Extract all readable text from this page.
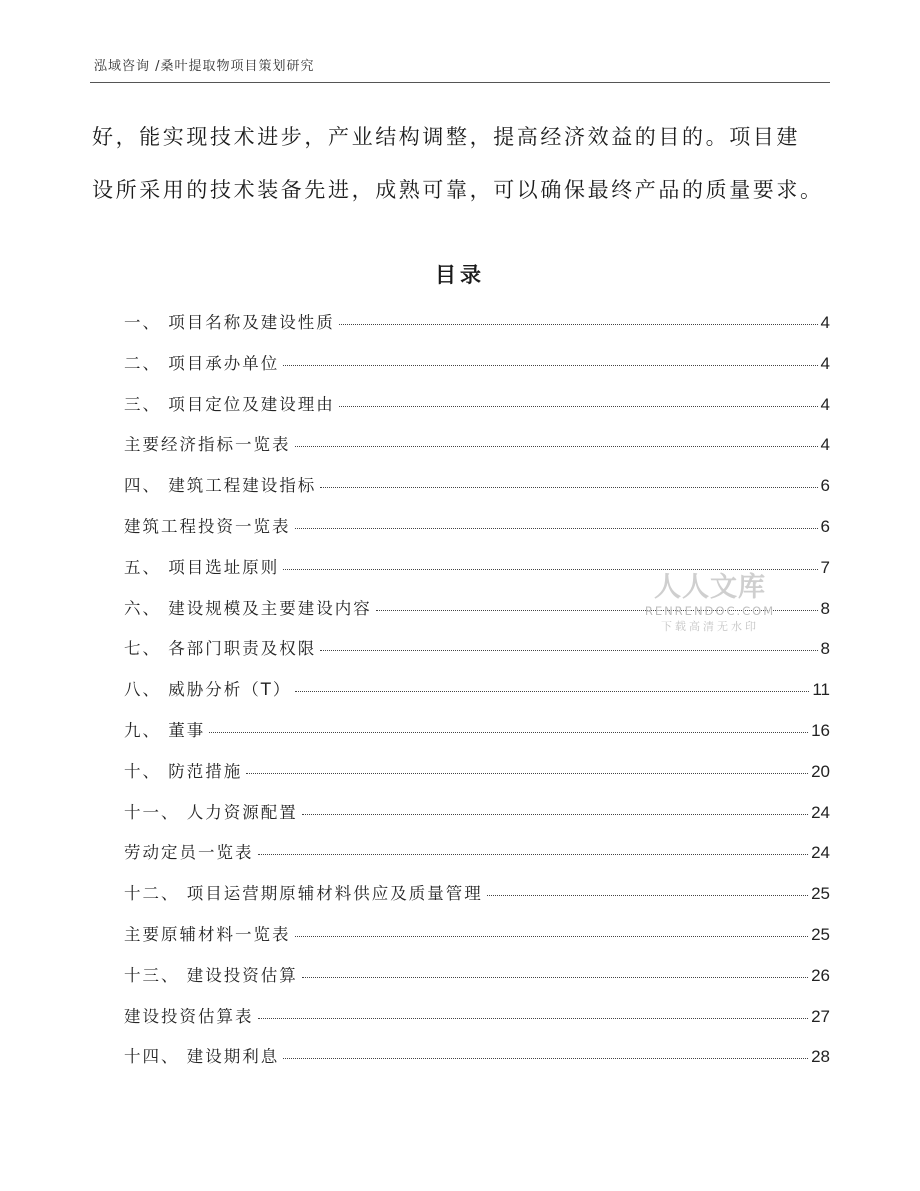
泓域咨询 /桑叶提取物项目策划研究
好，能实现技术进步，产业结构调整，提高经济效益的目的。项目建
设所采用的技术装备先进，成熟可靠，可以确保最终产品的质量要求。
目录
一、 项目名称及建设性质	4
二、 项目承办单位	4
三、 项目定位及建设理由	4
主要经济指标一览表	4
四、 建筑工程建设指标	6
建筑工程投资一览表	6
五、 项目选址原则	7
六、 建设规模及主要建设内容	8
七、 各部门职责及权限	8
八、 威胁分析（T）	11
九、 董事	16
十、 防范措施	20
十一、 人力资源配置	24
劳动定员一览表	24
十二、 项目运营期原辅材料供应及质量管理	25
主要原辅材料一览表	25
十三、 建设投资估算	26
建设投资估算表	27
十四、 建设期利息	28
人人文库
RENRENDOC.COM
下载高清无水印
